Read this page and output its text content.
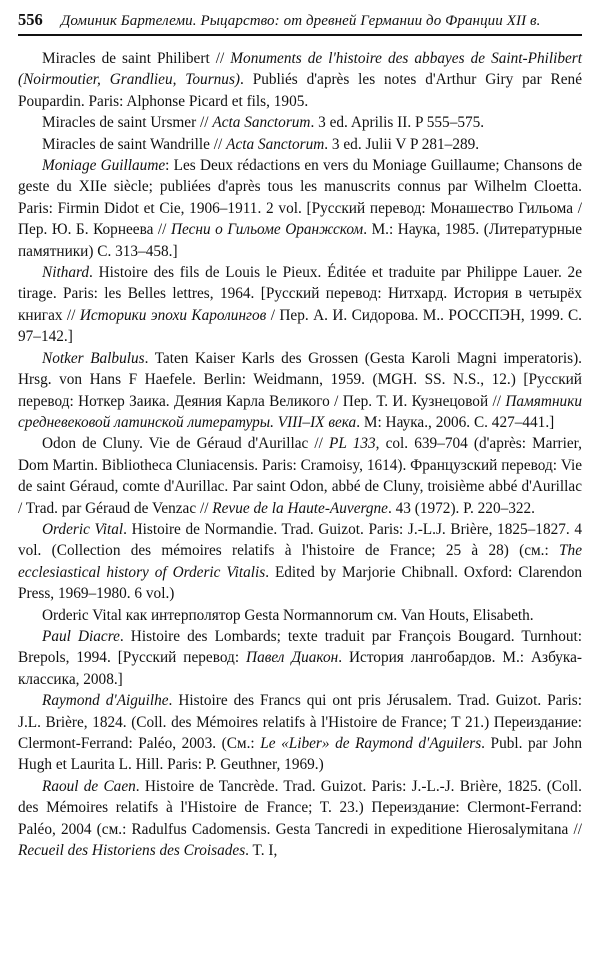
556 Доминик Бартелеми. Рыцарство: от древней Германии до Франции XII в.

Miracles de saint Philibert // Monuments de l'histoire des abbayes de Saint-Philibert (Noirmoutier, Grandlieu, Tournus). Publiés d'après les notes d'Arthur Giry par René Poupardin. Paris: Alphonse Picard et fils, 1905.

Miracles de saint Ursmer // Acta Sanctorum. 3 ed. Aprilis II. P 555–575.

Miracles de saint Wandrille // Acta Sanctorum. 3 ed. Julii V P 281–289.

Moniage Guillaume: Les Deux rédactions en vers du Moniage Guillaume; Chansons de geste du XIIe siècle; publiées d'après tous les manuscrits connus par Wilhelm Cloetta. Paris: Firmin Didot et Cie, 1906–1911. 2 vol. [Русский перевод: Монашество Гильома / Пер. Ю. Б. Корнеева // Песни о Гильоме Оранжском. М.: Наука, 1985. (Литературные памятники) С. 313–458.]

Nithard. Histoire des fils de Louis le Pieux. Éditée et traduite par Philippe Lauer. 2e tirage. Paris: les Belles lettres, 1964. [Русский перевод: Нитхард. История в четырёх книгах // Историки эпохи Каролингов / Пер. А. И. Сидорова. М.. РОССПЭН, 1999. С. 97–142.]

Notker Balbulus. Taten Kaiser Karls des Grossen (Gesta Karoli Magni imperatoris). Hrsg. von Hans F Haefele. Berlin: Weidmann, 1959. (MGH. SS. N.S., 12.) [Русский перевод: Ноткер Заика. Деяния Карла Великого / Пер. Т. И. Кузнецовой // Памятники средневековой латинской литературы. VIII–IX века. М: Наука., 2006. С. 427–441.]

Odon de Cluny. Vie de Géraud d'Aurillac // PL 133, col. 639–704 (d'après: Marrier, Dom Martin. Bibliotheca Cluniacensis. Paris: Cramoisy, 1614). Французский перевод: Vie de saint Géraud, comte d'Aurillac. Par saint Odon, abbé de Cluny, troisième abbé d'Aurillac / Trad. par Géraud de Venzac // Revue de la Haute-Auvergne. 43 (1972). P. 220–322.

Orderic Vital. Histoire de Normandie. Trad. Guizot. Paris: J.-L.J. Brière, 1825–1827. 4 vol. (Collection des mémoires relatifs à l'histoire de France; 25 à 28) (см.: The ecclesiastical history of Orderic Vitalis. Edited by Marjorie Chibnall. Oxford: Clarendon Press, 1969–1980. 6 vol.)

Orderic Vital как интерполятор Gesta Normannorum см. Van Houts, Elisabeth.

Paul Diacre. Histoire des Lombards; texte traduit par François Bougard. Turnhout: Brepols, 1994. [Русский перевод: Павел Диакон. История лангобардов. М.: Азбука-классика, 2008.]

Raymond d'Aiguilhe. Histoire des Francs qui ont pris Jérusalem. Trad. Guizot. Paris: J.L. Brière, 1824. (Coll. des Mémoires relatifs à l'Histoire de France; T 21.) Переиздание: Clermont-Ferrand: Paléo, 2003. (См.: Le «Liber» de Raymond d'Aguilers. Publ. par John Hugh et Laurita L. Hill. Paris: P. Geuthner, 1969.)

Raoul de Caen. Histoire de Tancrède. Trad. Guizot. Paris: J.-L.-J. Brière, 1825. (Coll. des Mémoires relatifs à l'Histoire de France; T. 23.) Переиздание: Clermont-Ferrand: Paléo, 2004 (см.: Radulfus Cadomensis. Gesta Tancredi in expeditione Hierosalymitana // Recueil des Historiens des Croisades. T. I,
